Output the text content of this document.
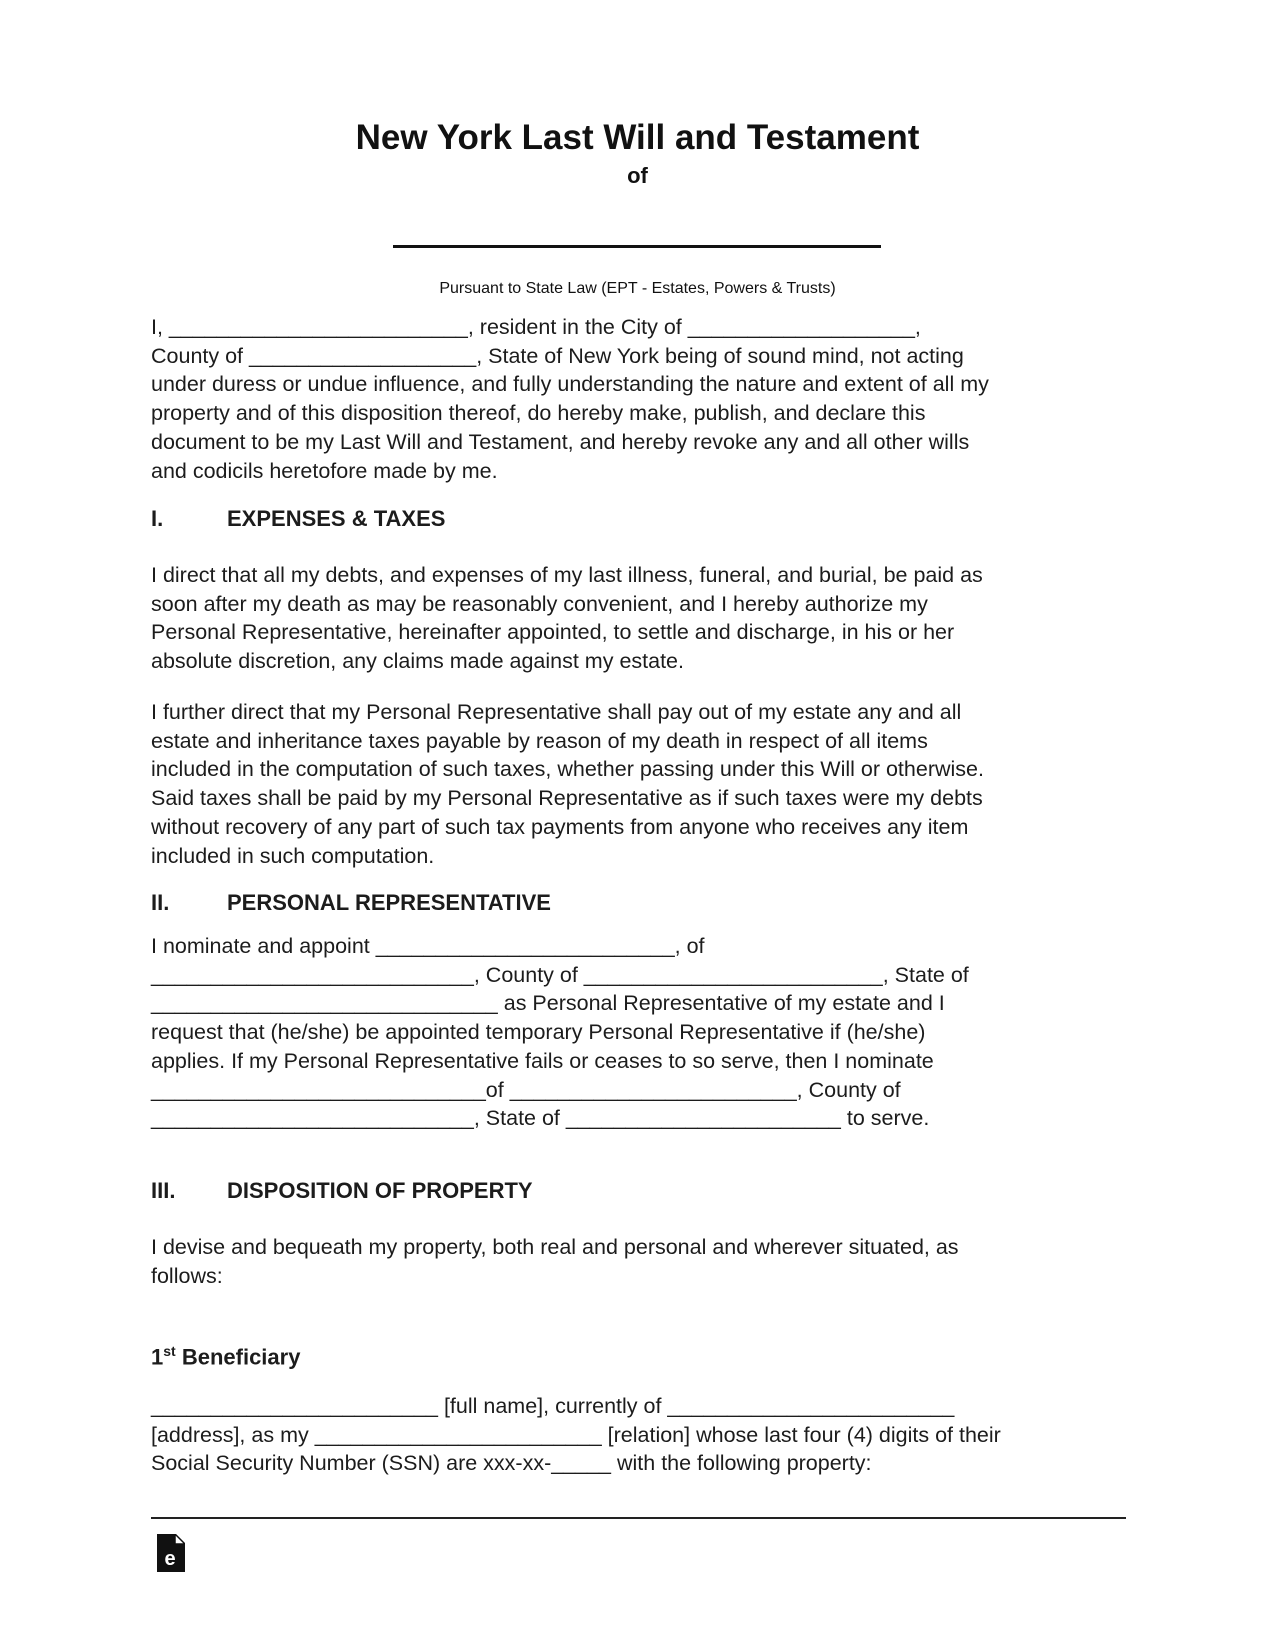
New York Last Will and Testament
of
Pursuant to State Law (EPT - Estates, Powers & Trusts)
I, _________________________, resident in the City of ___________________,
County of ___________________, State of New York being of sound mind, not acting
under duress or undue influence, and fully understanding the nature and extent of all my
property and of this disposition thereof, do hereby make, publish, and declare this
document to be my Last Will and Testament, and hereby revoke any and all other wills
and codicils heretofore made by me.
I.	EXPENSES & TAXES
I direct that all my debts, and expenses of my last illness, funeral, and burial, be paid as
soon after my death as may be reasonably convenient, and I hereby authorize my
Personal Representative, hereinafter appointed, to settle and discharge, in his or her
absolute discretion, any claims made against my estate.
I further direct that my Personal Representative shall pay out of my estate any and all
estate and inheritance taxes payable by reason of my death in respect of all items
included in the computation of such taxes, whether passing under this Will or otherwise.
Said taxes shall be paid by my Personal Representative as if such taxes were my debts
without recovery of any part of such tax payments from anyone who receives any item
included in such computation.
II.	PERSONAL REPRESENTATIVE
I nominate and appoint _________________________, of
___________________________, County of _________________________, State of
_____________________________ as Personal Representative of my estate and I
request that (he/she) be appointed temporary Personal Representative if (he/she)
applies. If my Personal Representative fails or ceases to so serve, then I nominate
____________________________of ________________________, County of
___________________________, State of _______________________ to serve.
III. DISPOSITION OF PROPERTY
I devise and bequeath my property, both real and personal and wherever situated, as
follows:
1st Beneficiary
________________________ [full name], currently of ________________________
[address], as my ________________________ [relation] whose last four (4) digits of their
Social Security Number (SSN) are xxx-xx-_____ with the following property:
e
